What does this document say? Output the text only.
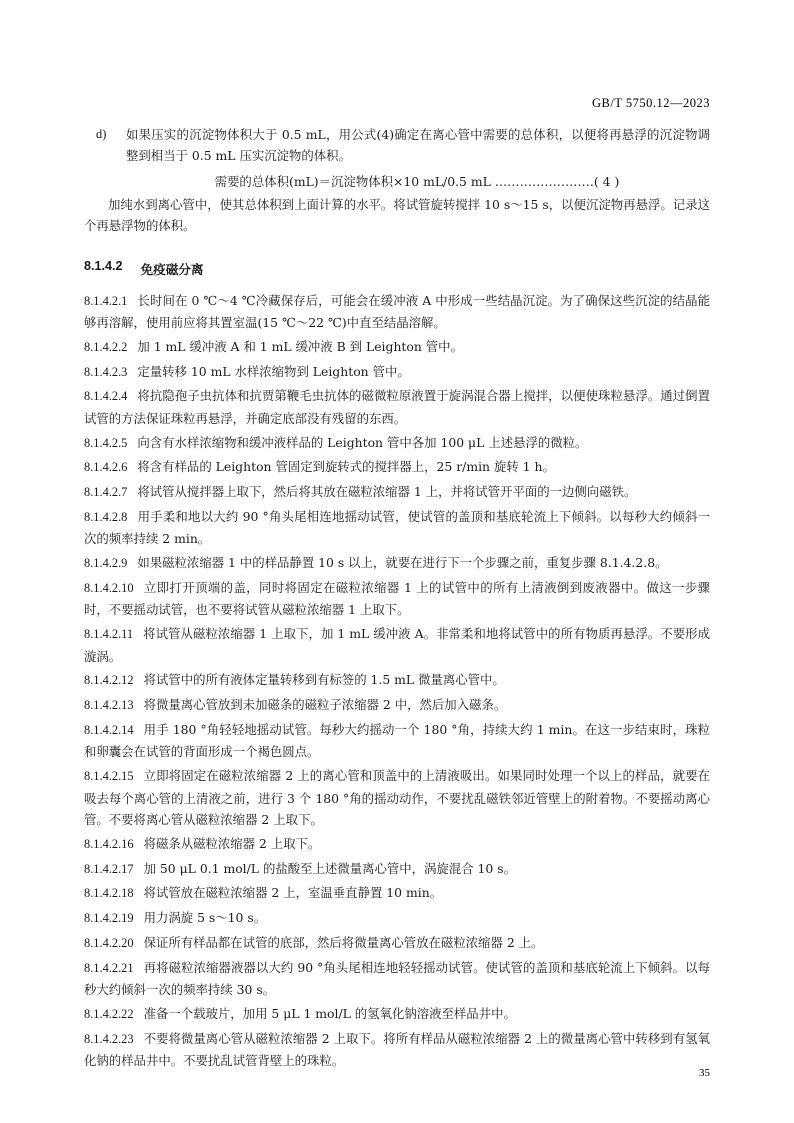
GB/T 5750.12—2023
d)	如果压实的沉淀物体积大于 0.5 mL，用公式(4)确定在离心管中需要的总体积，以便将再悬浮的沉淀物调整到相当于 0.5 mL 压实沉淀物的体积。

需要的总体积(mL)＝沉淀物体积×10 mL/0.5 mL ……………………( 4 )

加纯水到离心管中，使其总体积到上面计算的水平。将试管旋转搅拌 10 s～15 s，以便沉淀物再悬浮。记录这个再悬浮物的体积。

8.1.4.2 免疫磁分离

8.1.4.2.1 长时间在 0 ℃～4 ℃冷藏保存后，可能会在缓冲液 A 中形成一些结晶沉淀。为了确保这些沉淀的结晶能够再溶解，使用前应将其置室温(15 ℃～22 ℃)中直至结晶溶解。

8.1.4.2.2 加 1 mL 缓冲液 A 和 1 mL 缓冲液 B 到 Leighton 管中。

8.1.4.2.3 定量转移 10 mL 水样浓缩物到 Leighton 管中。

8.1.4.2.4 将抗隐孢子虫抗体和抗贾第鞭毛虫抗体的磁微粒原液置于旋涡混合器上搅拌，以便使珠粒悬浮。通过倒置试管的方法保证珠粒再悬浮，并确定底部没有残留的东西。

8.1.4.2.5 向含有水样浓缩物和缓冲液样品的 Leighton 管中各加 100 μL 上述悬浮的微粒。

8.1.4.2.6 将含有样品的 Leighton 管固定到旋转式的搅拌器上，25 r/min 旋转 1 h。

8.1.4.2.7 将试管从搅拌器上取下，然后将其放在磁粒浓缩器 1 上，并将试管开平面的一边侧向磁铁。

8.1.4.2.8 用手柔和地以大约 90 °角头尾相连地摇动试管，使试管的盖顶和基底轮流上下倾斜。以每秒大约倾斜一次的频率持续 2 min。

8.1.4.2.9 如果磁粒浓缩器 1 中的样品静置 10 s 以上，就要在进行下一个步骤之前，重复步骤 8.1.4.2.8。

8.1.4.2.10 立即打开顶端的盖，同时将固定在磁粒浓缩器 1 上的试管中的所有上清液倒到废液器中。做这一步骤时，不要摇动试管，也不要将试管从磁粒浓缩器 1 上取下。

8.1.4.2.11 将试管从磁粒浓缩器 1 上取下，加 1 mL 缓冲液 A。非常柔和地将试管中的所有物质再悬浮。不要形成漩涡。

8.1.4.2.12 将试管中的所有液体定量转移到有标签的 1.5 mL 微量离心管中。

8.1.4.2.13 将微量离心管放到未加磁条的磁粒子浓缩器 2 中，然后加入磁条。

8.1.4.2.14 用手 180 °角轻轻地摇动试管。每秒大约摇动一个 180 °角，持续大约 1 min。在这一步结束时，珠粒和卵囊会在试管的背面形成一个褐色圆点。

8.1.4.2.15 立即将固定在磁粒浓缩器 2 上的离心管和顶盖中的上清液吸出。如果同时处理一个以上的样品，就要在吸去每个离心管的上清液之前，进行 3 个 180 °角的摇动动作，不要扰乱磁铁邻近管壁上的附着物。不要摇动离心管。不要将离心管从磁粒浓缩器 2 上取下。

8.1.4.2.16 将磁条从磁粒浓缩器 2 上取下。

8.1.4.2.17 加 50 μL 0.1 mol/L 的盐酸至上述微量离心管中，涡旋混合 10 s。

8.1.4.2.18 将试管放在磁粒浓缩器 2 上，室温垂直静置 10 min。

8.1.4.2.19 用力涡旋 5 s～10 s。

8.1.4.2.20 保证所有样品都在试管的底部，然后将微量离心管放在磁粒浓缩器 2 上。

8.1.4.2.21 再将磁粒浓缩器液器以大约 90 °角头尾相连地轻轻摇动试管。使试管的盖顶和基底轮流上下倾斜。以每秒大约倾斜一次的频率持续 30 s。

8.1.4.2.22 准备一个载玻片，加用 5 μL 1 mol/L 的氢氧化钠溶液至样品井中。

8.1.4.2.23 不要将微量离心管从磁粒浓缩器 2 上取下。将所有样品从磁粒浓缩器 2 上的微量离心管中转移到有氢氧化钠的样品井中。不要扰乱试管背壁上的珠粒。

35
